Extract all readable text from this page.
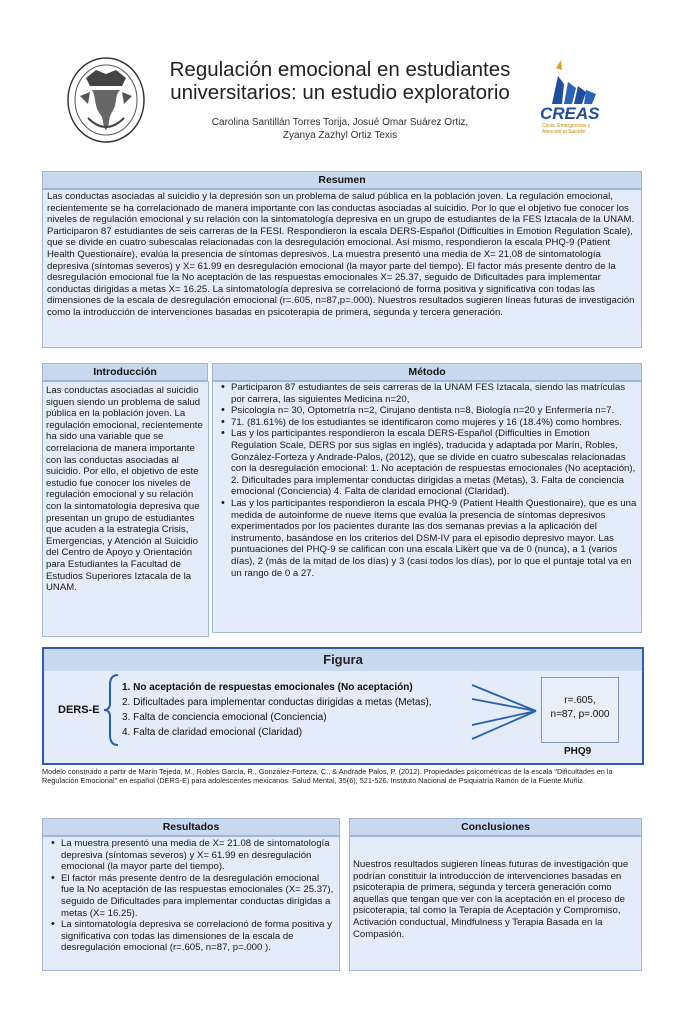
Regulación emocional en estudiantes
universitarios: un estudio exploratorio
Carolina Santillán Torres Torija, Josué Omar Suárez Ortiz,
Zyanya Zazhyl Ortiz Texis
CREAS
Crisis, Emergencias y
Atención al Suicidio
Resumen
Las conductas asociadas al suicidio y la depresión son un problema de salud pública en la población joven. La regulación emocional, recientemente se ha correlacionado de manera importante con las conductas asociadas al suicidio. Por lo que el objetivo fue conocer los niveles de regulación emocional y su relación con la sintomatología depresiva en un grupo de estudiantes de la FES Iztacala de la UNAM. Participaron 87 estudiantes de seis carreras de la FESI. Respondieron la escala DERS-Español (Difficulties in Emotion Regulation Scale), que se divide en cuatro subescalas relacionadas con la desregulación emocional. Así mismo, respondieron la escala PHQ-9 (Patient Health Questionaire), evalúa la presencia de síntomas depresivos. La muestra presentó una media de X= 21.08 de sintomatología depresiva (síntomas severos) y X= 61.99 en desregulación emocional (la mayor parte del tiempo). El factor más presente dentro de la desregulación emocional fue la No aceptación de las respuestas emocionales X= 25.37, seguido de Dificultades para implementar conductas dirigidas a metas X= 16.25. La sintomatología depresiva se correlacionó de forma positiva y significativa con todas las dimensiones de la escala de desregulación emocional (r=.605, n=87,p=.000). Nuestros resultados sugieren líneas futuras de investigación como la introducción de intervenciones basadas en psicoterapia de primera, segunda y tercera generación.
Introducción
Las conductas asociadas al suicidio siguen siendo un problema de salud pública en la población joven. La regulación emocional, recientemente ha sido una variable que se correlaciona de manera importante con las conductas asociadas al suicidio. Por ello, el objetivo de este estudio fue conocer los niveles de regulación emocional y su relación con la sintomatología depresiva que presentan un grupo de estudiantes que acuden a la estrategia Crisis, Emergencias, y Atención al Suicidio del Centro de Apoyo y Orientación para Estudiantes la Facultad de Estudios Superiores Iztacala de la UNAM.
Método
• Participaron 87 estudiantes de seis carreras de la UNAM FES Iztacala, siendo las matrículas por carrera, las siguientes Medicina n=20,
• Psicología n= 30, Optometría n=2, Cirujano dentista n=8, Biología n=20 y Enfermería n=7.
• 71. (81.61%) de los estudiantes se identificaron como mujeres y 16 (18.4%) como hombres.
• Las y los participantes respondieron la escala DERS-Español (Difficulties in Emotion Regulation Scale, DERS por sus siglas en inglés), traducida y adaptada por Marín, Robles, González-Forteza y Andrade-Palos, (2012), que se divide en cuatro subescalas relacionadas con la desregulación emocional: 1. No aceptación de respuestas emocionales (No aceptación), 2. Dificultades para implementar conductas dirigidas a metas (Metas), 3. Falta de conciencia emocional (Conciencia) 4. Falta de claridad emocional (Claridad).
• Las y los participantes respondieron la escala PHQ-9 (Patient Health Questionaire), que es una medida de autoinforme de nueve ítems que evalúa la presencia de síntomas depresivos experimentados por los pacientes durante las dos semanas previas a la aplicación del instrumento, basándose en los criterios del DSM-IV para el episodio depresivo mayor. Las puntuaciones del PHQ-9 se califican con una escala Likert que va de 0 (nunca), a 1 (varios días), 2 (más de la mitad de los días) y 3 (casi todos los días), por lo que el puntaje total va en un rango de 0 a 27.
Figura
DERS-E
1. No aceptación de respuestas emocionales (No aceptación)
2. Dificultades para implementar conductas dirigidas a metas (Metas),
3. Falta de conciencia emocional (Conciencia)
4. Falta de claridad emocional (Claridad)
r=.605,
n=87, p=.000
PHQ9
Modelo construido a partir de Marín Tejeda, M., Robles García, R., González-Forteza, C., & Andrade Palos, P. (2012). Propiedades psicométricas de la escala "Dificultades en la Regulación Emocional" en español (DERS-E) para adolescentes mexicanos. Salud Mental, 35(6), 521-526. Instituto Nacional de Psiquiatría Ramón de la Fuente Muñiz.
Resultados
• La muestra presentó una media de X= 21.08 de sintomatología depresiva (síntomas severos) y X= 61.99 en desregulación emocional (la mayor parte del tiempo).
• El factor más presente dentro de la desregulación emocional fue la No aceptación de las respuestas emocionales (X= 25.37), seguido de Dificultades para implementar conductas dirigidas a metas (X= 16.25).
• La sintomatología depresiva se correlacionó de forma positiva y significativa con todas las dimensiones de la escala de desregulación emocional (r=.605, n=87, p=.000 ).
Conclusiones
Nuestros resultados sugieren líneas futuras de investigación que podrían constituir la introducción de intervenciones basadas en psicoterapia de primera, segunda y tercera generación como aquellas que tengan que ver con la aceptación en el proceso de psicoterapia, tal como la Terapia de Aceptación y Compromiso, Activación conductual, Mindfulness y Terapia Basada en la Compasión.
